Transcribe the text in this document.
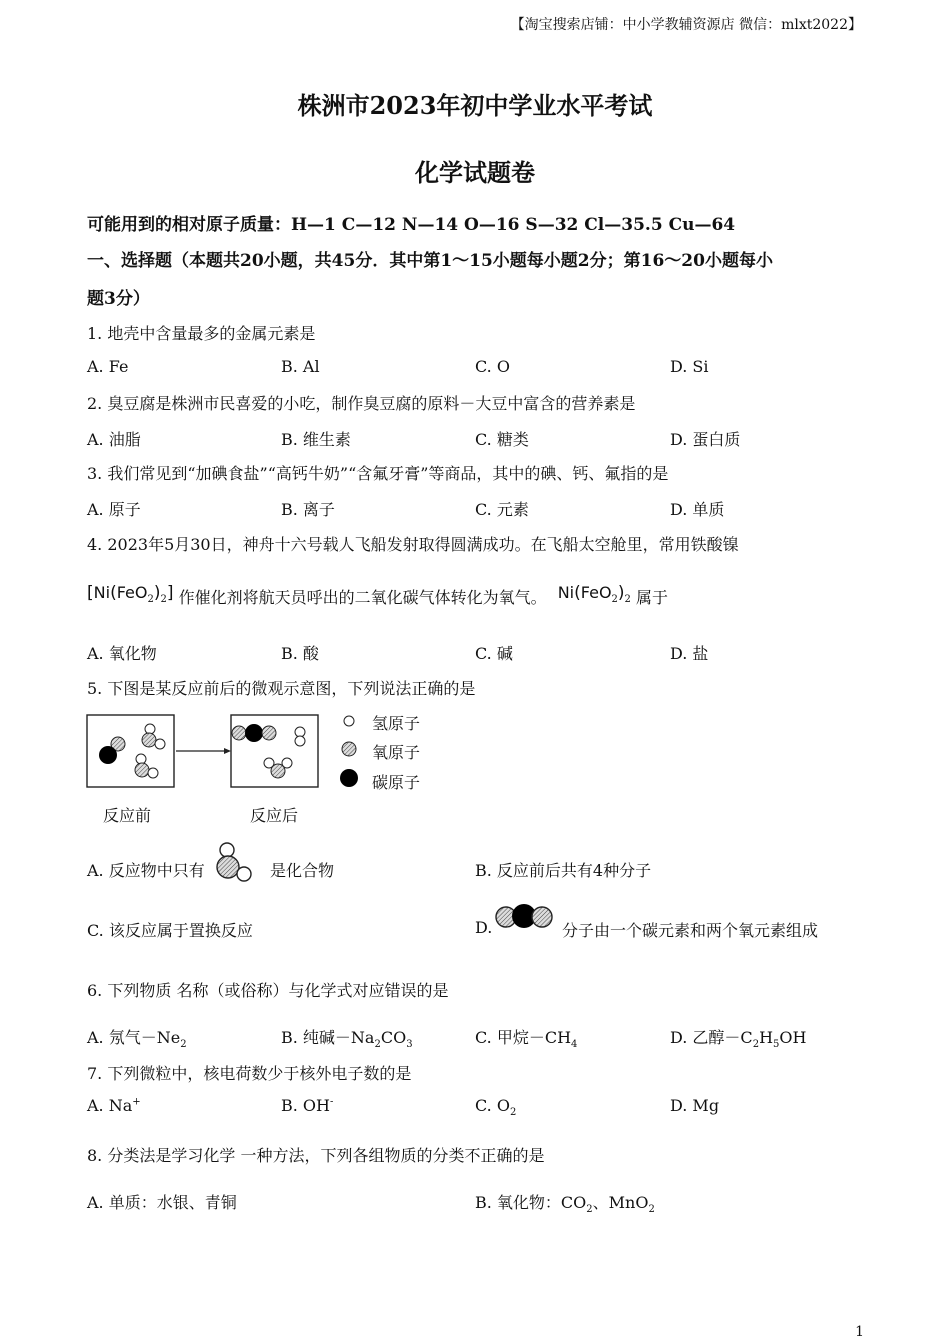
【淘宝搜索店铺：中小学教辅资源店 微信：mlxt2022】
株洲市2023年初中学业水平考试
化学试题卷
可能用到的相对原子质量：H—1 C—12 N—14 O—16 S—32 Cl—35.5 Cu—64
一、选择题（本题共20小题，共45分．其中第1～15小题每小题2分；第16～20小题每小
题3分）
1. 地壳中含量最多的金属元素是
A. Fe	B. Al	C. O	D. Si
2. 臭豆腐是株洲市民喜爱的小吃，制作臭豆腐的原料－大豆中富含的营养素是
A. 油脂	B. 维生素	C. 糖类	D. 蛋白质
3. 我们常见到“加碘食盐”“高钙牛奶”“含氟牙膏”等商品，其中的碘、钙、氟指的是
A. 原子	B. 离子	C. 元素	D. 单质
4. 2023年5月30日，神舟十六号载人飞船发射取得圆满成功。在飞船太空舱里，常用铁酸镍
$[Ni(FeO_2)_2]$ 作催化剂将航天员呼出的二氧化碳气体转化为氧气。 $Ni(FeO_2)_2$ 属于
A. 氧化物	B. 酸	C. 碱	D. 盐
5. 下图是某反应前后的微观示意图，下列说法正确的是
氢原子
氧原子
碳原子
反应前	反应后
A. 反应物中只有	是化合物	B. 反应前后共有4种分子
C. 该反应属于置换反应	D.	分子由一个碳元素和两个氧元素组成
6. 下列物质 名称（或俗称）与化学式对应错误的是
A. 氖气$-Ne_2$	B. 纯碱$-Na_2CO_3$	C. 甲烷$-CH_4$	D. 乙醇$-C_2H_5OH$
7. 下列微粒中，核电荷数少于核外电子数的是
A. Na+	B. OH-	C. $O_2$	D. Mg
8. 分类法是学习化学 一种方法，下列各组物质的分类不正确的是
A. 单质：水银、青铜	B. 氧化物：$CO_2$、MnO$_2$
1
